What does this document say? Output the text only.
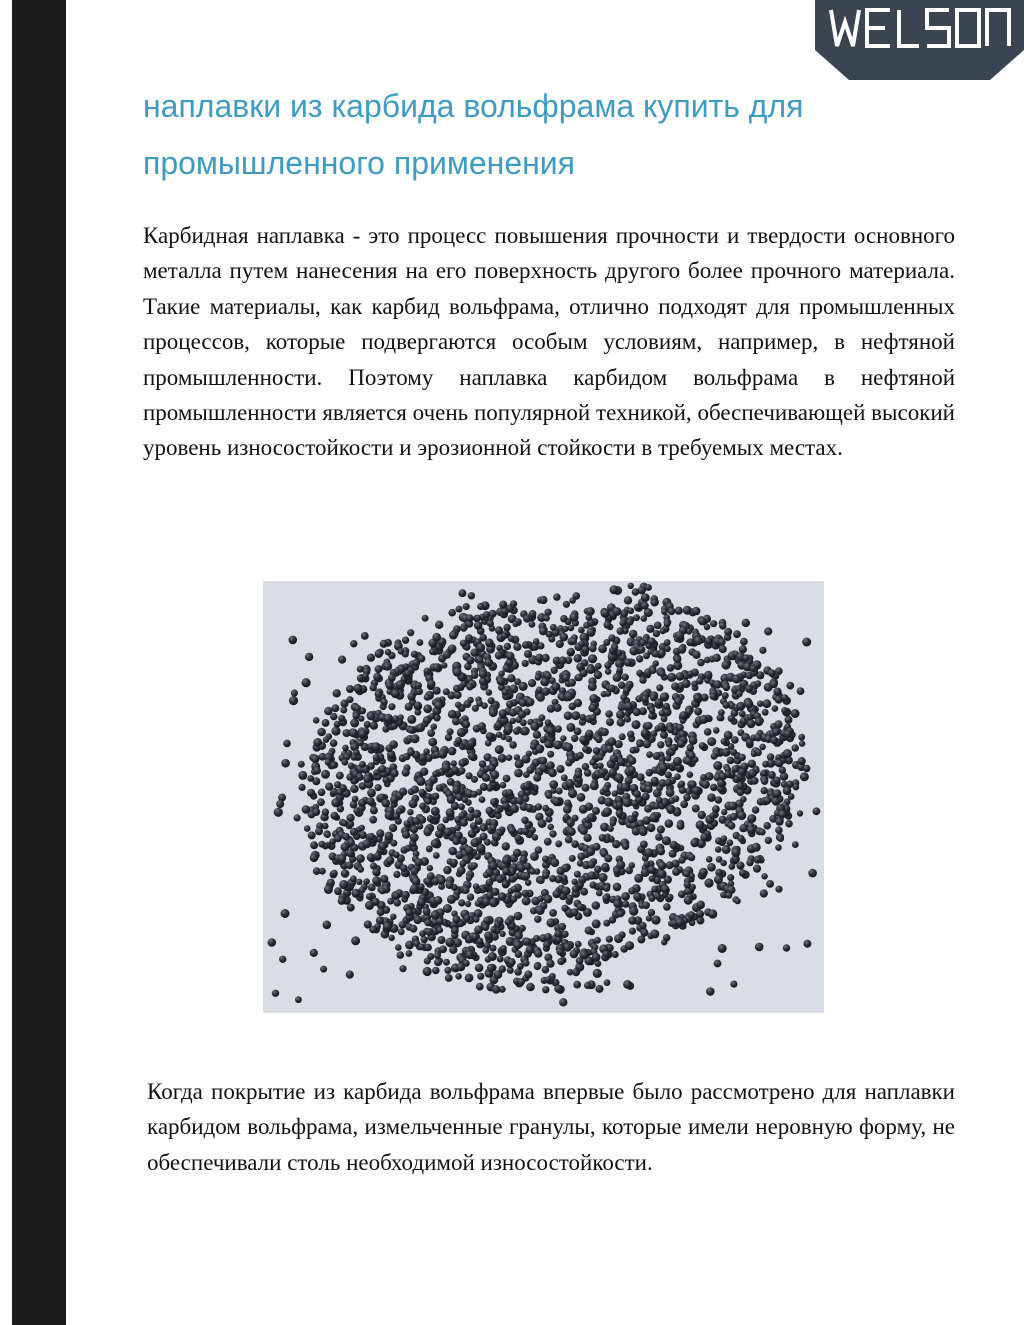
наплавки из карбида вольфрама купить для промышленного применения

Карбидная наплавка - это процесс повышения прочности и твердости основного металла путем нанесения на его поверхность другого более прочного материала. Такие материалы, как карбид вольфрама, отлично подходят для промышленных процессов, которые подвергаются особым условиям, например, в нефтяной промышленности. Поэтому наплавка карбидом вольфрама в нефтяной промышленности является очень популярной техникой, обеспечивающей высокий уровень износостойкости и эрозионной стойкости в требуемых местах.

Когда покрытие из карбида вольфрама впервые было рассмотрено для наплавки карбидом вольфрама, измельченные гранулы, которые имели неровную форму, не обеспечивали столь необходимой износостойкости.
